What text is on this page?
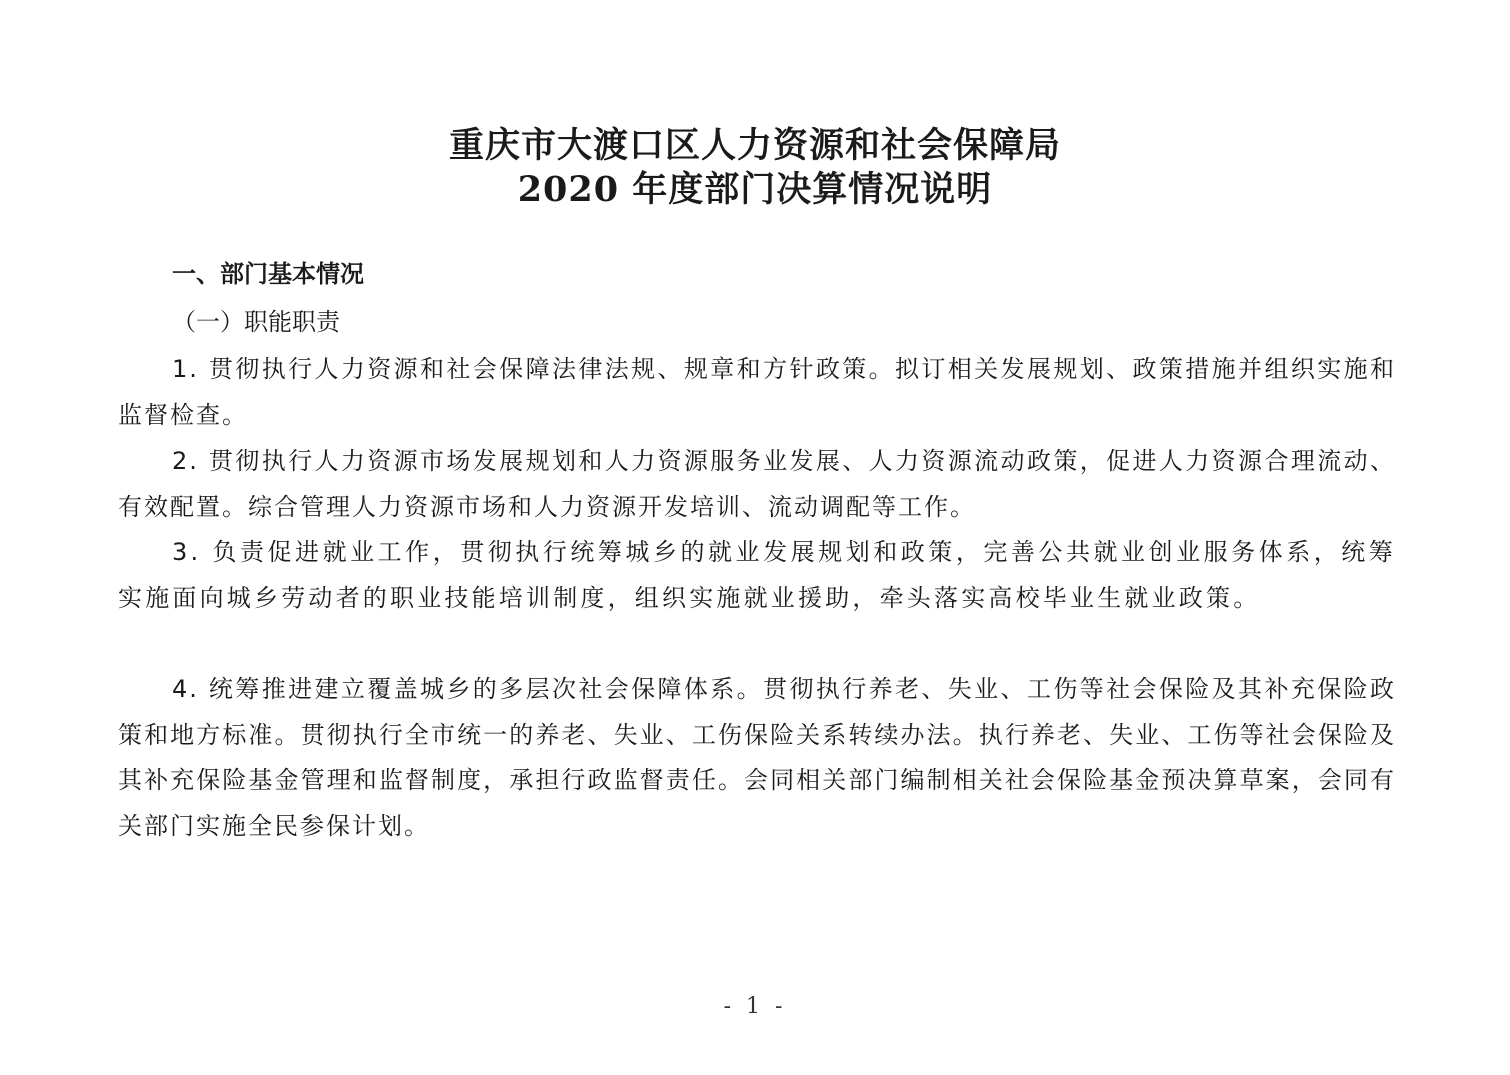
重庆市大渡口区人力资源和社会保障局
2020 年度部门决算情况说明
一、部门基本情况
（一）职能职责

1. 贯彻执行人力资源和社会保障法律法规、规章和方针政策。拟订相关发展规划、政策措施并组织实施和监督检查。

2. 贯彻执行人力资源市场发展规划和人力资源服务业发展、人力资源流动政策，促进人力资源合理流动、有效配置。综合管理人力资源市场和人力资源开发培训、流动调配等工作。

3. 负责促进就业工作，贯彻执行统筹城乡的就业发展规划和政策，完善公共就业创业服务体系，统筹实施面向城乡劳动者的职业技能培训制度，组织实施就业援助，牵头落实高校毕业生就业政策。

4. 统筹推进建立覆盖城乡的多层次社会保障体系。贯彻执行养老、失业、工伤等社会保险及其补充保险政策和地方标准。贯彻执行全市统一的养老、失业、工伤保险关系转续办法。执行养老、失业、工伤等社会保险及其补充保险基金管理和监督制度，承担行政监督责任。会同相关部门编制相关社会保险基金预决算草案，会同有关部门实施全民参保计划。

- 1 -
